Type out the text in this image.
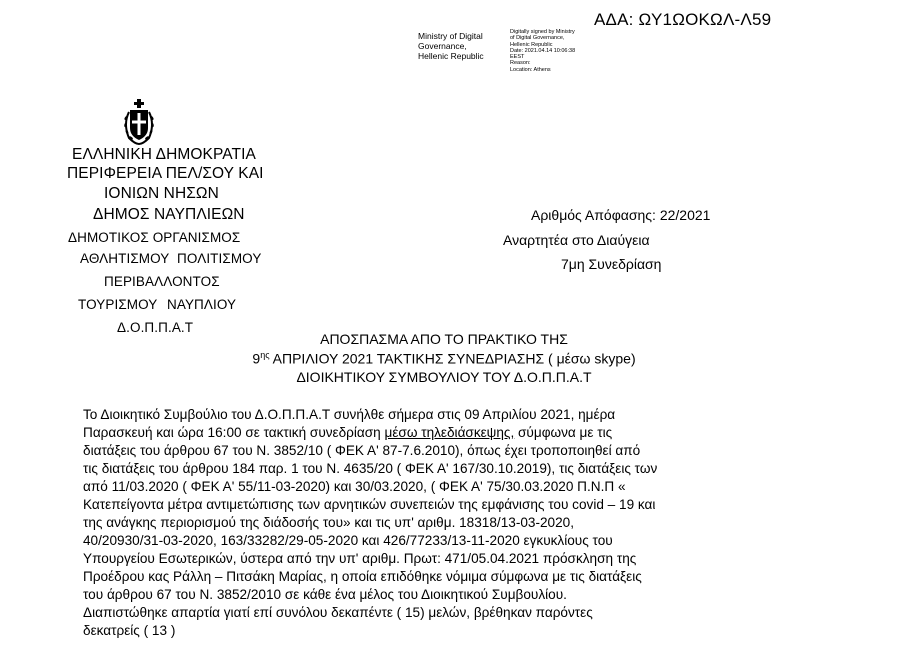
ΑΔΑ: ΩΥ1ΩΟΚΩΛ-Λ59
Ministry of Digital
Governance,
Hellenic Republic
Digitally signed by Ministry
of Digital Governance,
Hellenic Republic
Date: 2021.04.14 10:06:38
EEST
Reason:
Location: Athens
ΕΛΛΗΝΙΚΗ ΔΗΜΟΚΡΑΤΙΑ
ΠΕΡΙΦΕΡΕΙΑ ΠΕΛ/ΣΟΥ ΚΑΙ
ΙΟΝΙΩΝ ΝΗΣΩΝ
ΔΗΜΟΣ ΝΑΥΠΛΙΕΩΝ
ΔΗΜΟΤΙΚΟΣ ΟΡΓΑΝΙΣΜΟΣ
ΑΘΛΗΤΙΣΜΟΥ ΠΟΛΙΤΙΣΜΟΥ
ΠΕΡΙΒΑΛΛΟΝΤΟΣ
ΤΟΥΡΙΣΜΟΥ ΝΑΥΠΛΙΟΥ
Δ.Ο.Π.Π.Α.Τ
Αριθμός Απόφασης: 22/2021
Αναρτητέα στο Διαύγεια
7μη Συνεδρίαση
ΑΠΟΣΠΑΣΜΑ ΑΠΟ ΤΟ ΠΡΑΚΤΙΚΟ ΤΗΣ
$9^{\eta\varsigma}$ ΑΠΡΙΛΙΟΥ 2021 ΤΑΚΤΙΚΗΣ ΣΥΝΕΔΡΙΑΣΗΣ ( μέσω skype)
ΔΙΟΙΚΗΤΙΚΟΥ ΣΥΜΒΟΥΛΙΟΥ ΤΟΥ Δ.Ο.Π.Π.Α.Τ
Το Διοικητικό Συμβούλιο του Δ.Ο.Π.Π.Α.Τ συνήλθε σήμερα στις 09 Απριλίου 2021, ημέρα
Παρασκευή και ώρα 16:00 σε τακτική συνεδρίαση μέσω τηλεδιάσκεψης, σύμφωνα με τις
διατάξεις του άρθρου 67 του Ν. 3852/10 ( ΦΕΚ Α' 87-7.6.2010), όπως έχει τροποποιηθεί από
τις διατάξεις του άρθρου 184 παρ. 1 του Ν. 4635/20 ( ΦΕΚ Α' 167/30.10.2019), τις διατάξεις των
από 11/03.2020 ( ΦΕΚ Α' 55/11-03-2020) και 30/03.2020, ( ΦΕΚ Α' 75/30.03.2020 Π.Ν.Π «
Κατεπείγοντα μέτρα αντιμετώπισης των αρνητικών συνεπειών της εμφάνισης του covid – 19 και
της ανάγκης περιορισμού της διάδοσής του» και τις υπ' αριθμ. 18318/13-03-2020,
40/20930/31-03-2020, 163/33282/29-05-2020 και 426/77233/13-11-2020 εγκυκλίους του
Υπουργείου Εσωτερικών, ύστερα από την υπ' αριθμ. Πρωτ: 471/05.04.2021 πρόσκληση της
Προέδρου κας Ράλλη – Πιτσάκη Μαρίας, η οποία επιδόθηκε νόμιμα σύμφωνα με τις διατάξεις
του άρθρου 67 του Ν. 3852/2010 σε κάθε ένα μέλος του Διοικητικού Συμβουλίου.
Διαπιστώθηκε απαρτία γιατί επί συνόλου δεκαπέντε ( 15) μελών, βρέθηκαν παρόντες
δεκατρείς ( 13 )
